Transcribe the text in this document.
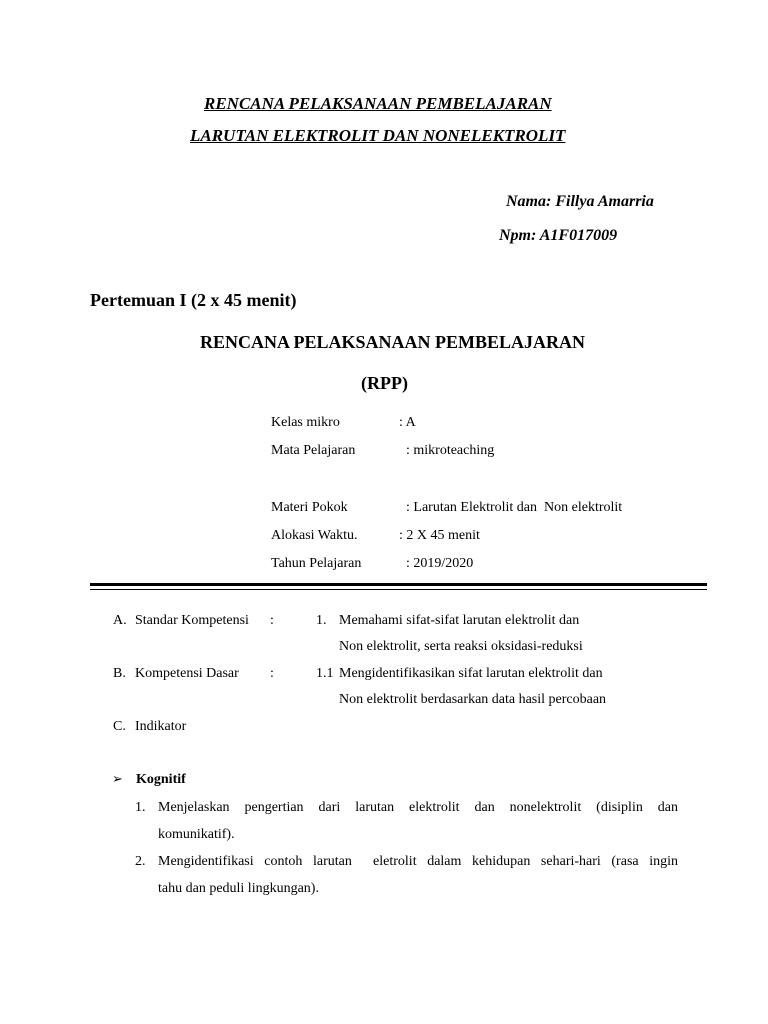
RENCANA PELAKSANAAN PEMBELAJARAN
LARUTAN ELEKTROLIT DAN NONELEKTROLIT
Nama: Fillya Amarria
Npm: A1F017009
Pertemuan I (2 x 45 menit)
RENCANA PELAKSANAAN PEMBELAJARAN
(RPP)
Kelas mikro	: A
Mata Pelajaran	: mikroteaching
Materi Pokok	: Larutan Elektrolit dan  Non elektrolit
Alokasi Waktu.	: 2 X 45 menit
Tahun Pelajaran	: 2019/2020
A. Standar Kompetensi :	1. Memahami sifat-sifat larutan elektrolit dan
Non elektrolit, serta reaksi oksidasi-reduksi
B. Kompetensi Dasar :	1.1 Mengidentifikasikan sifat larutan elektrolit dan
Non elektrolit berdasarkan data hasil percobaan
C. Indikator
➢ Kognitif
1. Menjelaskan pengertian dari larutan elektrolit dan nonelektrolit (disiplin dan
komunikatif).
2. Mengidentifikasi contoh larutan  eletrolit dalam kehidupan sehari-hari (rasa ingin
tahu dan peduli lingkungan).
